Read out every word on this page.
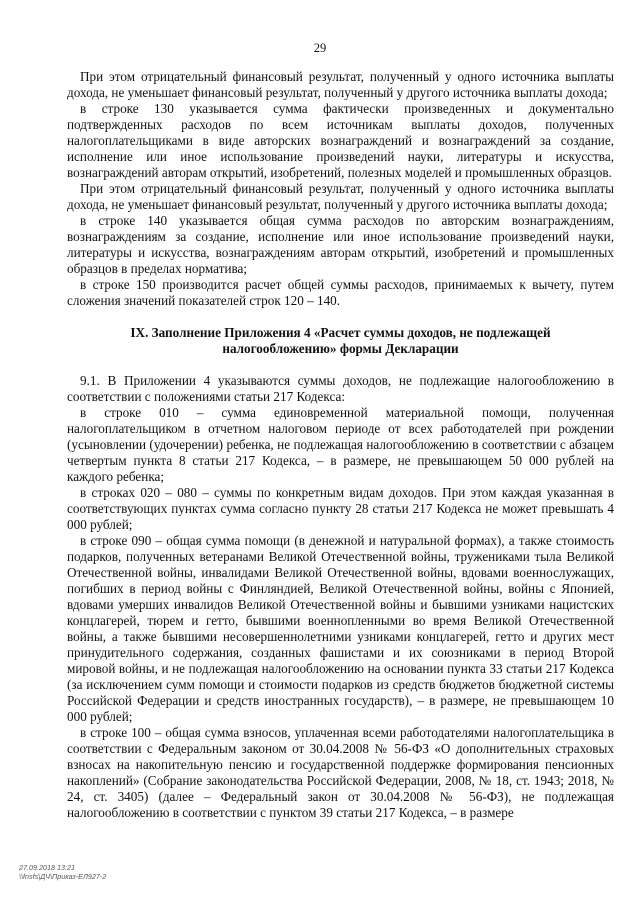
29

При этом отрицательный финансовый результат, полученный у одного источника выплаты дохода, не уменьшает финансовый результат, полученный у другого источника выплаты дохода;

в строке 130 указывается сумма фактически произведенных и документально подтвержденных расходов по всем источникам выплаты доходов, полученных налогоплательщиками в виде авторских вознаграждений и вознаграждений за создание, исполнение или иное использование произведений науки, литературы и искусства, вознаграждений авторам открытий, изобретений, полезных моделей и промышленных образцов.

При этом отрицательный финансовый результат, полученный у одного источника выплаты дохода, не уменьшает финансовый результат, полученный у другого источника выплаты дохода;

в строке 140 указывается общая сумма расходов по авторским вознаграждениям, вознаграждениям за создание, исполнение или иное использование произведений науки, литературы и искусства, вознаграждениям авторам открытий, изобретений и промышленных образцов в пределах норматива;

в строке 150 производится расчет общей суммы расходов, принимаемых к вычету, путем сложения значений показателей строк 120 – 140.

IX. Заполнение Приложения 4 «Расчет суммы доходов, не подлежащей налогообложению» формы Декларации

9.1. В Приложении 4 указываются суммы доходов, не подлежащие налогообложению в соответствии с положениями статьи 217 Кодекса:

в строке 010 – сумма единовременной материальной помощи, полученная налогоплательщиком в отчетном налоговом периоде от всех работодателей при рождении (усыновлении (удочерении) ребенка, не подлежащая налогообложению в соответствии с абзацем четвертым пункта 8 статьи 217 Кодекса, – в размере, не превышающем 50 000 рублей на каждого ребенка;

в строках 020 – 080 – суммы по конкретным видам доходов. При этом каждая указанная в соответствующих пунктах сумма согласно пункту 28 статьи 217 Кодекса не может превышать 4 000 рублей;

в строке 090 – общая сумма помощи (в денежной и натуральной формах), а также стоимость подарков, полученных ветеранами Великой Отечественной войны, тружениками тыла Великой Отечественной войны, инвалидами Великой Отечественной войны, вдовами военнослужащих, погибших в период войны с Финляндией, Великой Отечественной войны, войны с Японией, вдовами умерших инвалидов Великой Отечественной войны и бывшими узниками нацистских концлагерей, тюрем и гетто, бывшими военнопленными во время Великой Отечественной войны, а также бывшими несовершеннолетними узниками концлагерей, гетто и других мест принудительного содержания, созданных фашистами и их союзниками в период Второй мировой войны, и не подлежащая налогообложению на основании пункта 33 статьи 217 Кодекса (за исключением сумм помощи и стоимости подарков из средств бюджетов бюджетной системы Российской Федерации и средств иностранных государств), – в размере, не превышающем 10 000 рублей;

в строке 100 – общая сумма взносов, уплаченная всеми работодателями налогоплательщика в соответствии с Федеральным законом от 30.04.2008 № 56-ФЗ «О дополнительных страховых взносах на накопительную пенсию и государственной поддержке формирования пенсионных накоплений» (Собрание законодательства Российской Федерации, 2008, № 18, ст. 1943; 2018, № 24, ст. 3405) (далее – Федеральный закон от 30.04.2008 № 56-ФЗ), не подлежащая налогообложению в соответствии с пунктом 39 статьи 217 Кодекса, – в размере

27.09.2018 13:21
\\fnsfs\ДЧ\Приказ-ЕЛ927-2
